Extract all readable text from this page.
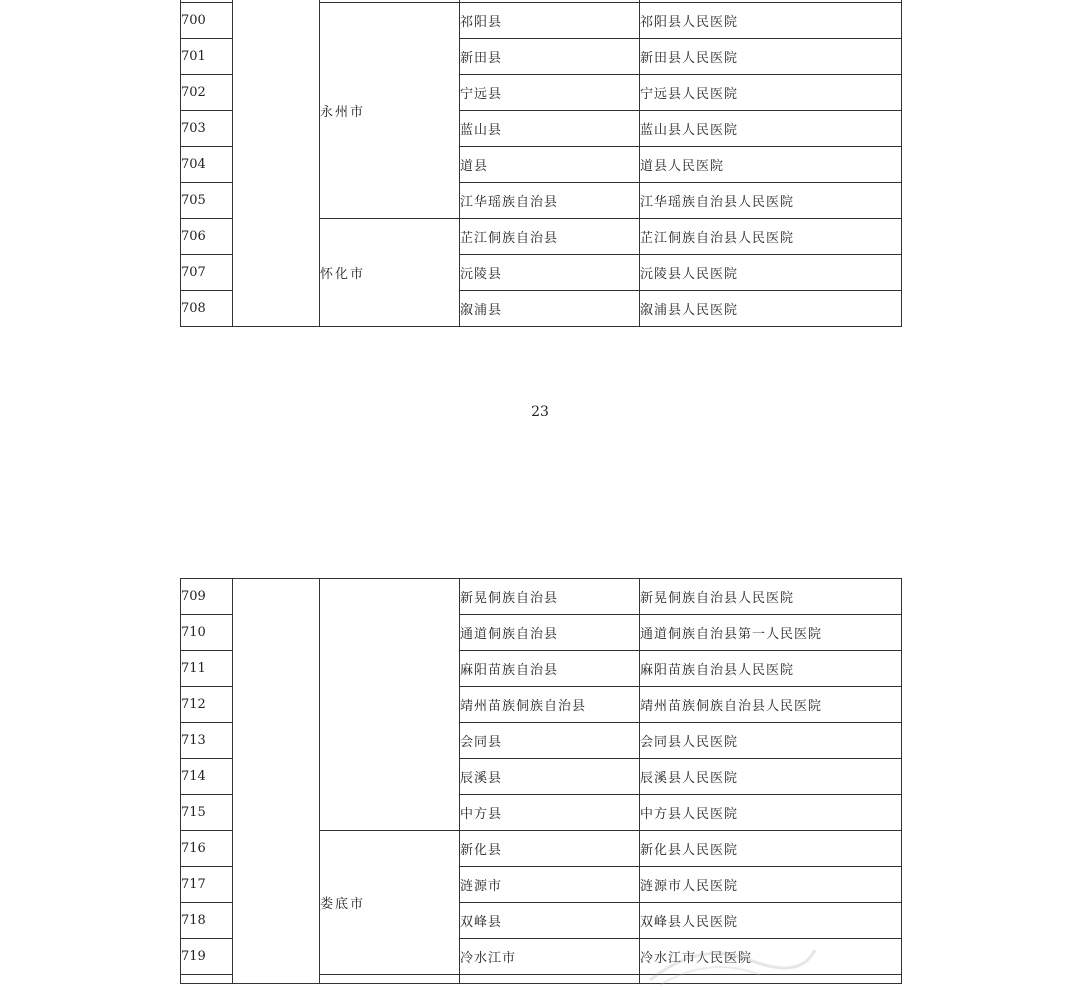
700		永州市	祁阳县	祁阳县人民医院
701			新田县	新田县人民医院
702			宁远县	宁远县人民医院
703			蓝山县	蓝山县人民医院
704			道县	道县人民医院
705			江华瑶族自治县	江华瑶族自治县人民医院
706		怀化市	芷江侗族自治县	芷江侗族自治县人民医院
707			沅陵县	沅陵县人民医院
708			溆浦县	溆浦县人民医院
23
709			新晃侗族自治县	新晃侗族自治县人民医院
710			通道侗族自治县	通道侗族自治县第一人民医院
711			麻阳苗族自治县	麻阳苗族自治县人民医院
712			靖州苗族侗族自治县	靖州苗族侗族自治县人民医院
713			会同县	会同县人民医院
714			辰溪县	辰溪县人民医院
715			中方县	中方县人民医院
716		娄底市	新化县	新化县人民医院
717			涟源市	涟源市人民医院
718			双峰县	双峰县人民医院
719			冷水江市	冷水江市人民医院
